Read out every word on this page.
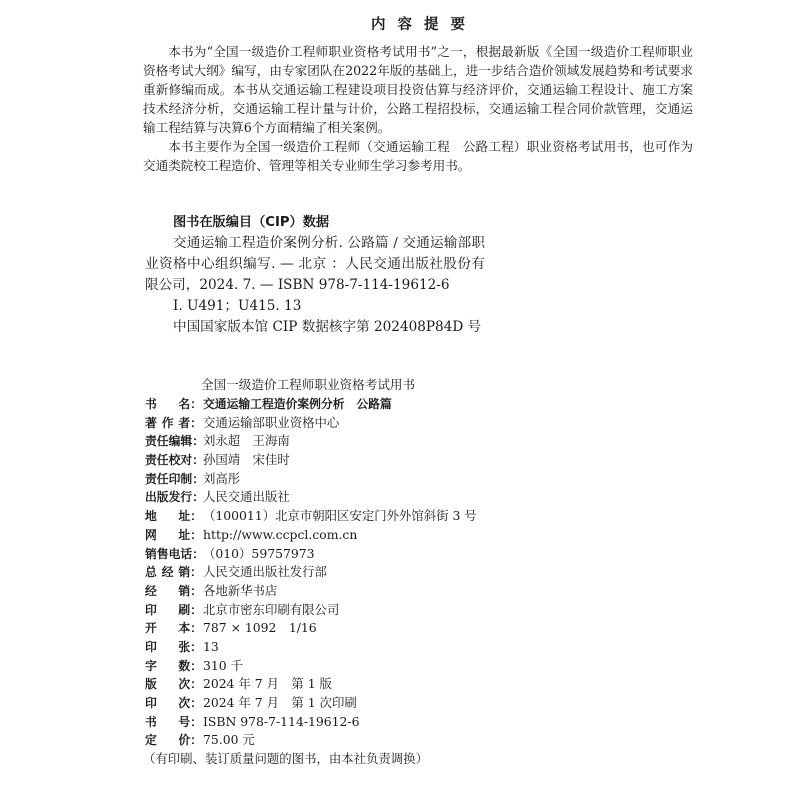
内容提要

本书为“全国一级造价工程师职业资格考试用书”之一，根据最新版《全国一级造价工程师职业资格考试大纲》编写，由专家团队在2022年版的基础上，进一步结合造价领域发展趋势和考试要求重新修编而成。本书从交通运输工程建设项目投资估算与经济评价，交通运输工程设计、施工方案技术经济分析，交通运输工程计量与计价，公路工程招投标，交通运输工程合同价款管理，交通运输工程结算与决算6个方面精编了相关案例。

本书主要作为全国一级造价工程师（交通运输工程　公路工程）职业资格考试用书，也可作为交通类院校工程造价、管理等相关专业师生学习参考用书。

图书在版编目（CIP）数据
交通运输工程造价案例分析. 公路篇 ∕ 交通运输部职业资格中心组织编写. — 北京 ：人民交通出版社股份有限公司，2024. 7. — ISBN 978-7-114-19612-6
Ⅰ. U491；U415. 13
中国国家版本馆 CIP 数据核字第 202408P84D 号
全国一级造价工程师职业资格考试用书
书 名： 交通运输工程造价案例分析　公路篇
著 作 者： 交通运输部职业资格中心
责任编辑： 刘永超　王海南
责任校对： 孙国靖　宋佳时
责任印制： 刘高彤
出版发行： 人民交通出版社
地 址： （100011）北京市朝阳区安定门外外馆斜街 3 号
网 址： http://www.ccpcl.com.cn
销售电话： （010）59757973
总 经 销： 人民交通出版社发行部
经 销： 各地新华书店
印 刷： 北京市密东印刷有限公司
开 本： 787 × 1092　1/16
印 张： 13
字 数： 310 千
版 次： 2024 年 7 月　第 1 版
印 次： 2024 年 7 月　第 1 次印刷
书 号： ISBN 978-7-114-19612-6
定 价： 75.00 元
（有印刷、装订质量问题的图书，由本社负责调换）
